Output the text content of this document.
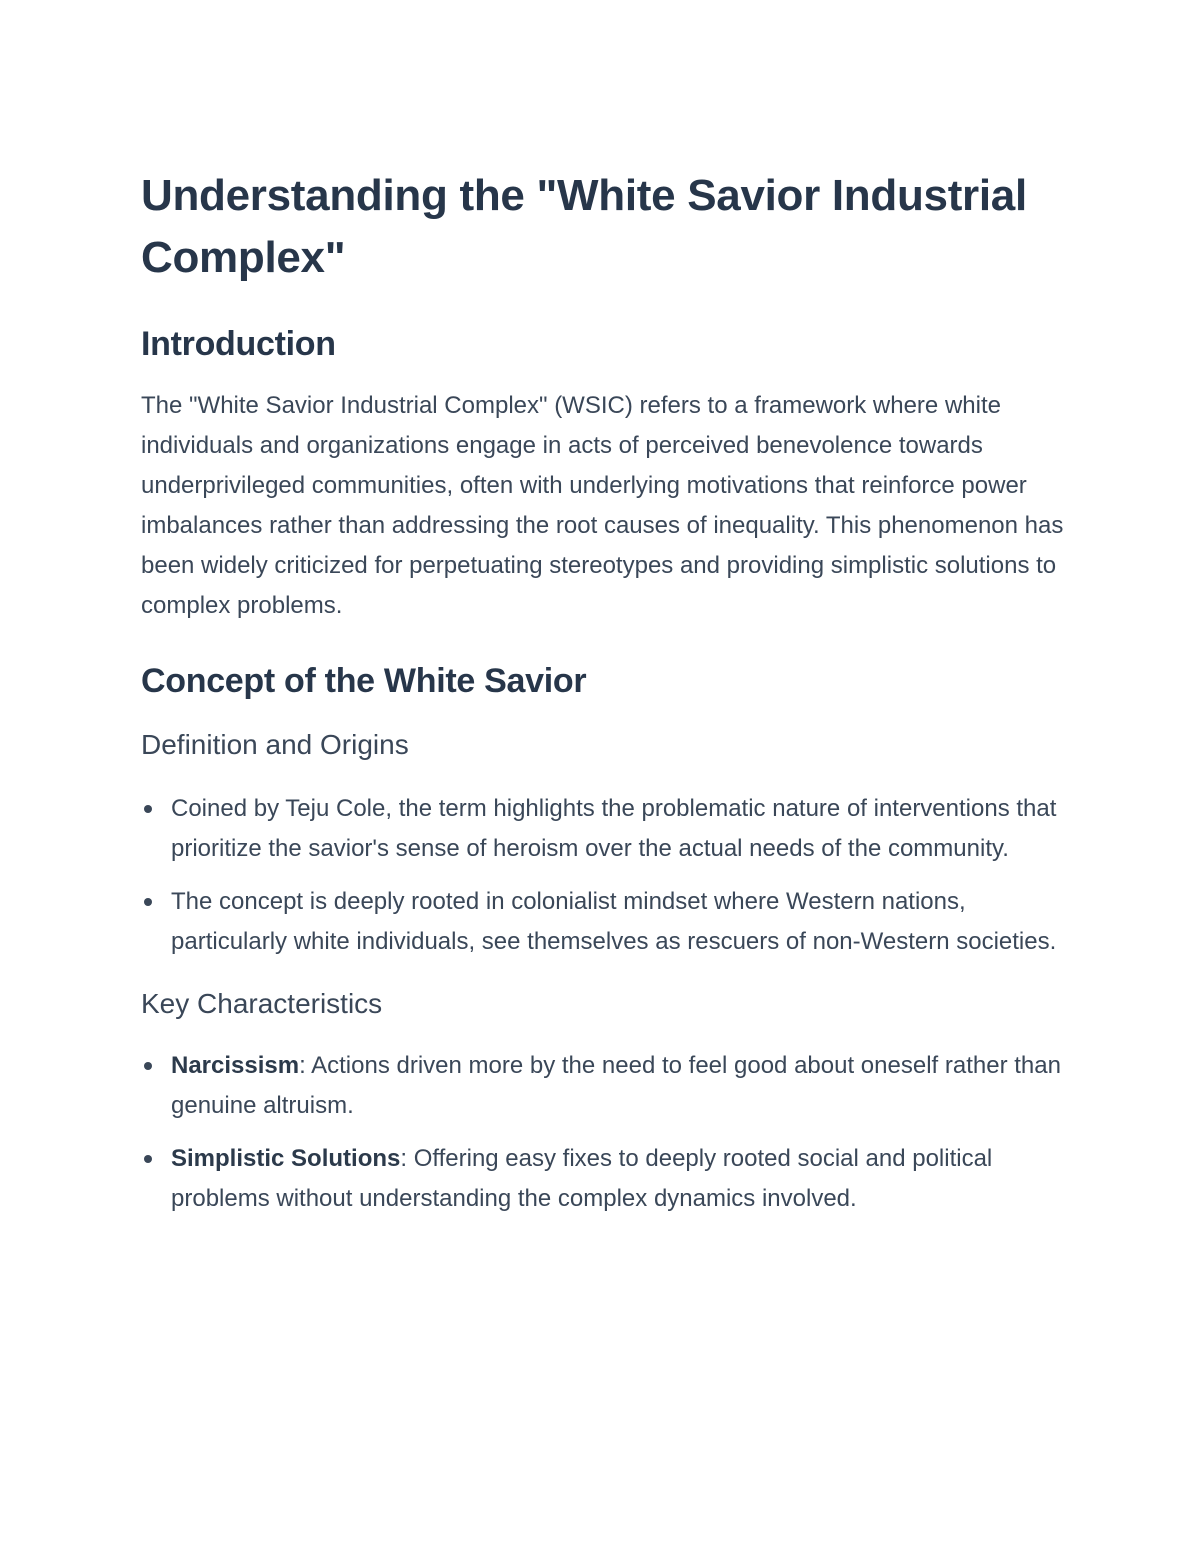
Understanding the "White Savior Industrial Complex"
Introduction

The "White Savior Industrial Complex" (WSIC) refers to a framework where white individuals and organizations engage in acts of perceived benevolence towards underprivileged communities, often with underlying motivations that reinforce power imbalances rather than addressing the root causes of inequality. This phenomenon has been widely criticized for perpetuating stereotypes and providing simplistic solutions to complex problems.

Concept of the White Savior
Definition and Origins
Coined by Teju Cole, the term highlights the problematic nature of interventions that prioritize the savior's sense of heroism over the actual needs of the community.
The concept is deeply rooted in colonialist mindset where Western nations, particularly white individuals, see themselves as rescuers of non-Western societies.
Key Characteristics
Narcissism: Actions driven more by the need to feel good about oneself rather than genuine altruism.
Simplistic Solutions: Offering easy fixes to deeply rooted social and political problems without understanding the complex dynamics involved.
